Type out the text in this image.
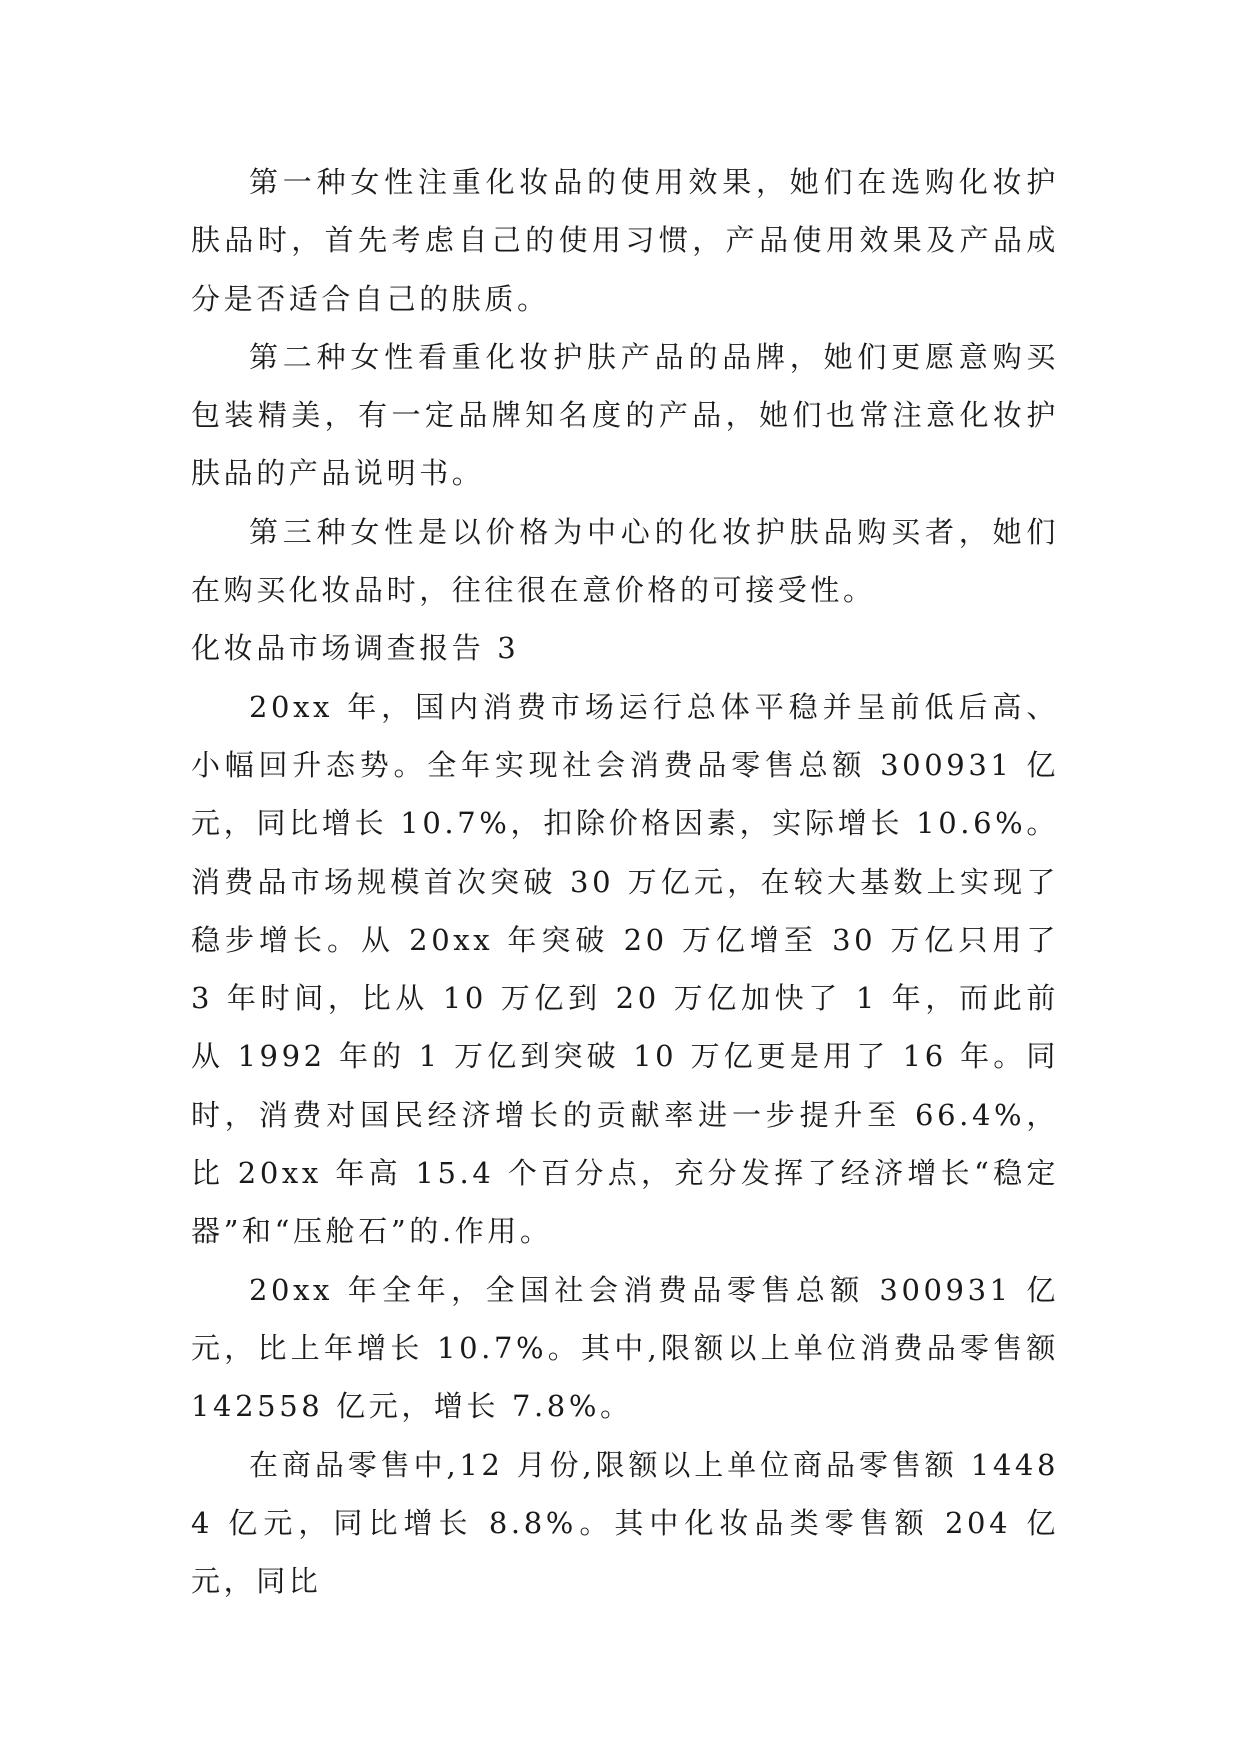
第一种女性注重化妆品的使用效果，她们在选购化妆护肤品时，首先考虑自己的使用习惯，产品使用效果及产品成分是否适合自己的肤质。

第二种女性看重化妆护肤产品的品牌，她们更愿意购买包装精美，有一定品牌知名度的产品，她们也常注意化妆护肤品的产品说明书。

第三种女性是以价格为中心的化妆护肤品购买者，她们在购买化妆品时，往往很在意价格的可接受性。

化妆品市场调查报告 3

20xx 年，国内消费市场运行总体平稳并呈前低后高、小幅回升态势。全年实现社会消费品零售总额 300931 亿元，同比增长 10.7%，扣除价格因素，实际增长 10.6%。消费品市场规模首次突破 30 万亿元，在较大基数上实现了稳步增长。从 20xx 年突破 20 万亿增至 30 万亿只用了 3 年时间，比从 10 万亿到 20 万亿加快了 1 年，而此前从 1992 年的 1 万亿到突破 10 万亿更是用了 16 年。同时，消费对国民经济增长的贡献率进一步提升至 66.4%，比 20xx 年高 15.4 个百分点，充分发挥了经济增长“稳定器”和“压舱石”的.作用。

20xx 年全年，全国社会消费品零售总额 300931 亿元，比上年增长 10.7%。其中,限额以上单位消费品零售额 142558 亿元，增长 7.8%。

在商品零售中,12 月份,限额以上单位商品零售额 14484 亿元，同比增长 8.8%。其中化妆品类零售额 204 亿元，同比
